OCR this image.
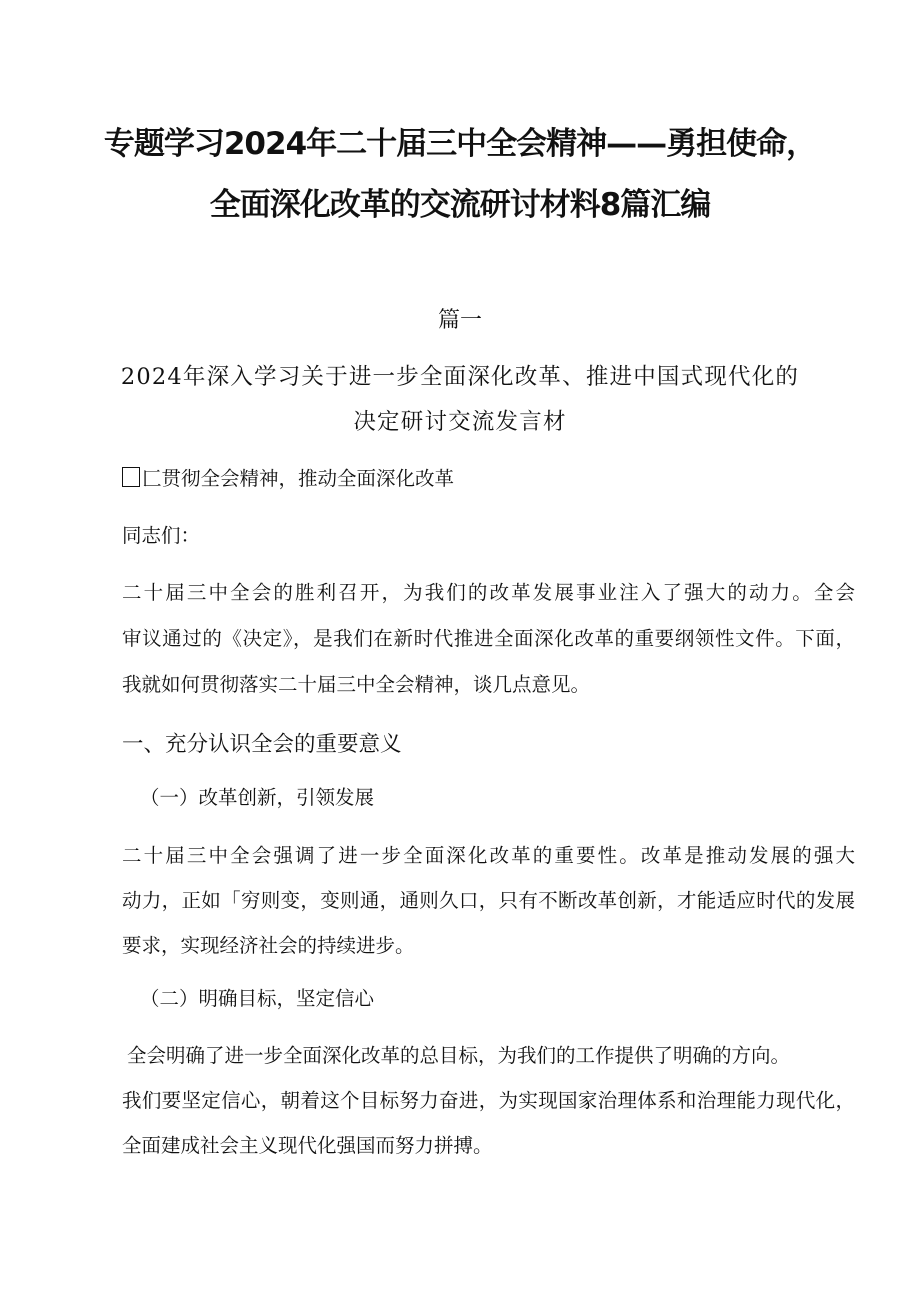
专题学习2024年二十届三中全会精神——勇担使命，
全面深化改革的交流研讨材料8篇汇编
篇一
2024年深入学习关于进一步全面深化改革、推进中国式现代化的
决定研讨交流发言材
匚贯彻全会精神，推动全面深化改革
同志们：
二十届三中全会的胜利召开，为我们的改革发展事业注入了强大的动力。全会
审议通过的《决定》，是我们在新时代推进全面深化改革的重要纲领性文件。下面，
我就如何贯彻落实二十届三中全会精神，谈几点意见。
一、充分认识全会的重要意义
（一）改革创新，引领发展
二十届三中全会强调了进一步全面深化改革的重要性。改革是推动发展的强大
动力，正如「穷则变，变则通，通则久口，只有不断改革创新，才能适应时代的发展
要求，实现经济社会的持续进步。
（二）明确目标，坚定信心
全会明确了进一步全面深化改革的总目标，为我们的工作提供了明确的方向。
我们要坚定信心，朝着这个目标努力奋进，为实现国家治理体系和治理能力现代化，
全面建成社会主义现代化强国而努力拼搏。
